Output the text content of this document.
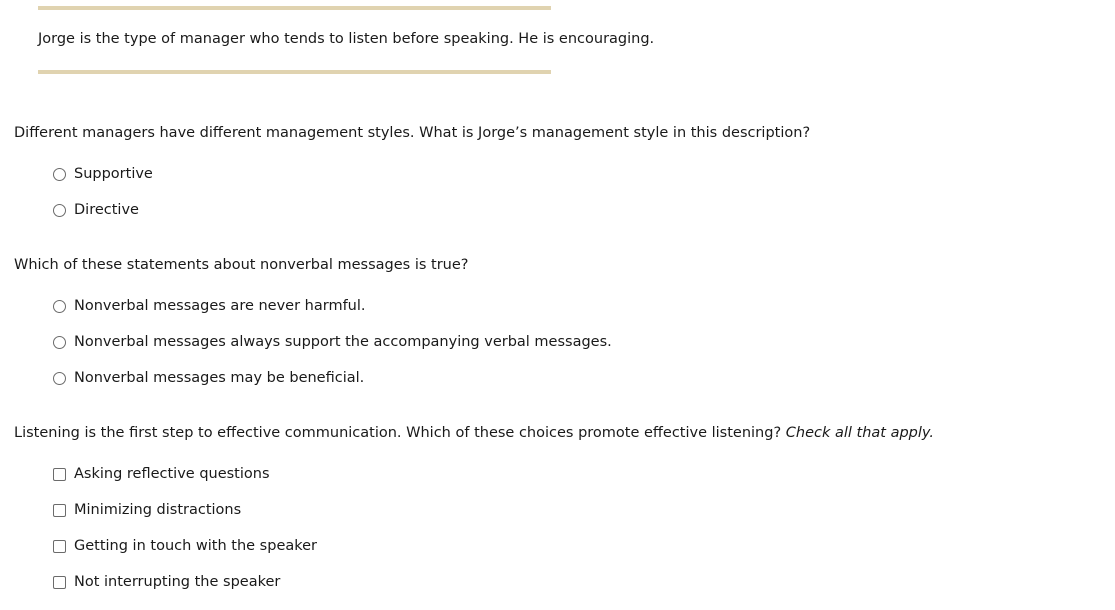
Jorge is the type of manager who tends to listen before speaking. He is encouraging.
Different managers have different management styles. What is Jorge’s management style in this description?
Supportive
Directive
Which of these statements about nonverbal messages is true?
Nonverbal messages are never harmful.
Nonverbal messages always support the accompanying verbal messages.
Nonverbal messages may be beneficial.
Listening is the first step to effective communication. Which of these choices promote effective listening? Check all that apply.
Asking reflective questions
Minimizing distractions
Getting in touch with the speaker
Not interrupting the speaker
